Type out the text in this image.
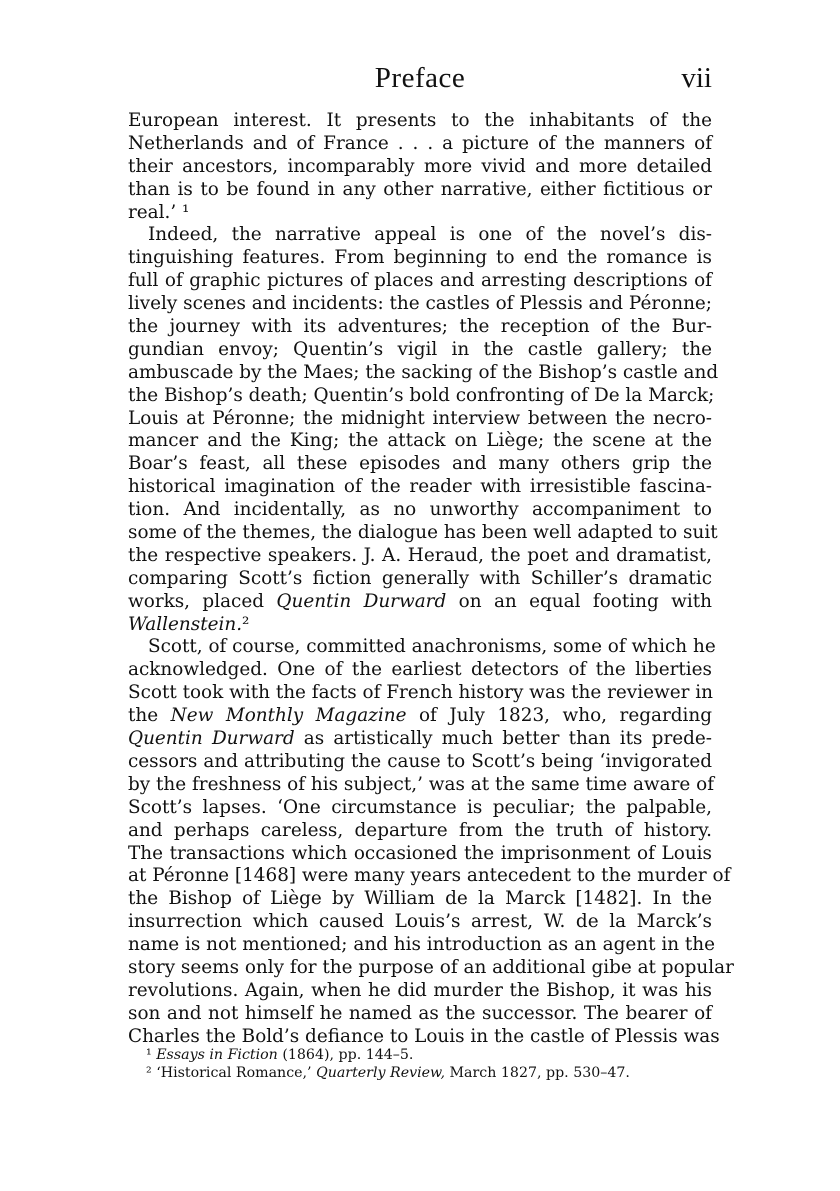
Preface	vii
European interest. It presents to the inhabitants of the
Netherlands and of France . . . a picture of the manners of
their ancestors, incomparably more vivid and more detailed
than is to be found in any other narrative, either fictitious or
real.’ ¹
Indeed, the narrative appeal is one of the novel’s dis-
tinguishing features. From beginning to end the romance is
full of graphic pictures of places and arresting descriptions of
lively scenes and incidents: the castles of Plessis and Péronne;
the journey with its adventures; the reception of the Bur-
gundian envoy; Quentin’s vigil in the castle gallery; the
ambuscade by the Maes; the sacking of the Bishop’s castle and
the Bishop’s death; Quentin’s bold confronting of De la Marck;
Louis at Péronne; the midnight interview between the necro-
mancer and the King; the attack on Liège; the scene at the
Boar’s feast, all these episodes and many others grip the
historical imagination of the reader with irresistible fascina-
tion. And incidentally, as no unworthy accompaniment to
some of the themes, the dialogue has been well adapted to suit
the respective speakers. J. A. Heraud, the poet and dramatist,
comparing Scott’s fiction generally with Schiller’s dramatic
works, placed Quentin Durward on an equal footing with
Wallenstein.²
Scott, of course, committed anachronisms, some of which he
acknowledged. One of the earliest detectors of the liberties
Scott took with the facts of French history was the reviewer in
the New Monthly Magazine of July 1823, who, regarding
Quentin Durward as artistically much better than its prede-
cessors and attributing the cause to Scott’s being ‘invigorated
by the freshness of his subject,’ was at the same time aware of
Scott’s lapses. ‘One circumstance is peculiar; the palpable,
and perhaps careless, departure from the truth of history.
The transactions which occasioned the imprisonment of Louis
at Péronne [1468] were many years antecedent to the murder of
the Bishop of Liège by William de la Marck [1482]. In the
insurrection which caused Louis’s arrest, W. de la Marck’s
name is not mentioned; and his introduction as an agent in the
story seems only for the purpose of an additional gibe at popular
revolutions. Again, when he did murder the Bishop, it was his
son and not himself he named as the successor. The bearer of
Charles the Bold’s defiance to Louis in the castle of Plessis was
¹ Essays in Fiction (1864), pp. 144–5.
² ‘Historical Romance,’ Quarterly Review, March 1827, pp. 530–47.
